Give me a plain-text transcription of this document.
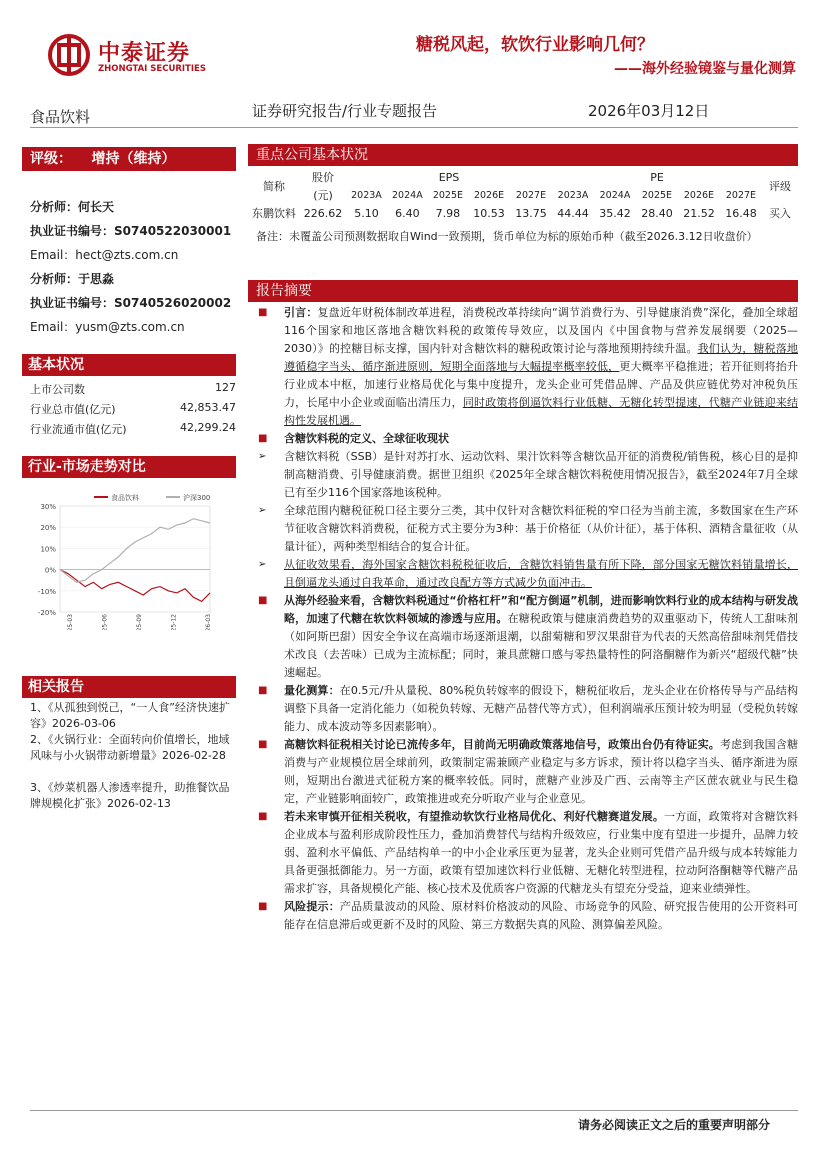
中泰证券
ZHONGTAI SECURITIES
糖税风起，软饮行业影响几何？
——海外经验镜鉴与量化测算
食品饮料	证券研究报告/行业专题报告	2026年03月12日
评级： 增持（维持）
分析师：何长天
执业证书编号：S0740522030001
Email：hect@zts.com.cn
分析师：于思淼
执业证书编号：S0740526020002
Email：yusm@zts.com.cn
基本状况
上市公司数	127
行业总市值(亿元)	42,853.47
行业流通市值(亿元)	42,299.24
行业-市场走势对比
30%
20%
10%
0%
-10%
-20%
食品饮料	沪深300
2025-03	2025-06	2025-09	2025-12	2026-03
相关报告
1、《从孤独到悦己，“一人食”经济快速扩容》2026-03-06
2、《火锅行业：全面转向价值增长，地域风味与小火锅带动新增量》2026-02-28
3、《炒菜机器人渗透率提升，助推餐饮品牌规模化扩张》2026-02-13
重点公司基本状况
简称	股价	EPS					PE					评级
	(元)	2023A	2024A	2025E	2026E	2027E	2023A	2024A	2025E	2026E	2027E	
东鹏饮料	226.62	5.10	6.40	7.98	10.53	13.75	44.44	35.42	28.40	21.52	16.48	买入
备注：未覆盖公司预测数据取自Wind一致预期，货币单位为标的原始币种（截至2026.3.12日收盘价）
报告摘要
■ 引言：复盘近年财税体制改革进程，消费税改革持续向“调节消费行为、引导健康消费”深化，叠加全球超116个国家和地区落地含糖饮料税的政策传导效应，以及国内《中国食物与营养发展纲要（2025—2030）》的控糖目标支撑，国内针对含糖饮料的糖税政策讨论与落地预期持续升温。我们认为，糖税落地遵循稳字当头、循序渐进原则，短期全面落地与大幅提率概率较低，更大概率平稳推进；若开征则将抬升行业成本中枢，加速行业格局优化与集中度提升，龙头企业可凭借品牌、产品及供应链优势对冲税负压力，长尾中小企业或面临出清压力，同时政策将倒逼饮料行业低糖、无糖化转型提速，代糖产业链迎来结构性发展机遇。
■ 含糖饮料税的定义、全球征收现状
➢ 含糖饮料税（SSB）是针对苏打水、运动饮料、果汁饮料等含糖饮品开征的消费税/销售税，核心目的是抑制高糖消费、引导健康消费。据世卫组织《2025年全球含糖饮料税使用情况报告》，截至2024年7月全球已有至少116个国家落地该税种。
➢ 全球范围内糖税征税口径主要分三类，其中仅针对含糖饮料征税的窄口径为当前主流，多数国家在生产环节征收含糖饮料消费税，征税方式主要分为3种：基于价格征（从价计征），基于体积、酒精含量征收（从量计征），两种类型相结合的复合计征。
➢ 从征收效果看，海外国家含糖饮料税税征收后，含糖饮料销售量有所下降，部分国家无糖饮料销量增长，且倒逼龙头通过自我革命，通过改良配方等方式减少负面冲击。
■ 从海外经验来看，含糖饮料税通过“价格杠杆”和“配方倒逼”机制，进而影响饮料行业的成本结构与研发战略，加速了代糖在软饮料领域的渗透与应用。在糖税政策与健康消费趋势的双重驱动下，传统人工甜味剂（如阿斯巴甜）因安全争议在高端市场逐渐退潮，以甜菊糖和罗汉果甜苷为代表的天然高倍甜味剂凭借技术改良（去苦味）已成为主流标配；同时，兼具蔗糖口感与零热量特性的阿洛酮糖作为新兴“超级代糖”快速崛起。
■ 量化测算：在0.5元/升从量税、80%税负转嫁率的假设下，糖税征收后，龙头企业在价格传导与产品结构调整下具备一定消化能力（如税负转嫁、无糖产品替代等方式），但利润端承压预计较为明显（受税负转嫁能力、成本波动等多因素影响）。
■ 高糖饮料征税相关讨论已流传多年，目前尚无明确政策落地信号，政策出台仍有待证实。考虑到我国含糖消费与产业规模位居全球前列，政策制定需兼顾产业稳定与多方诉求，预计将以稳字当头、循序渐进为原则，短期出台激进式征税方案的概率较低。同时，蔗糖产业涉及广西、云南等主产区蔗农就业与民生稳定，产业链影响面较广，政策推进或充分听取产业与企业意见。
■ 若未来审慎开征相关税收，有望推动软饮行业格局优化、利好代糖赛道发展。一方面，政策将对含糖饮料企业成本与盈利形成阶段性压力，叠加消费替代与结构升级效应，行业集中度有望进一步提升，品牌力较弱、盈利水平偏低、产品结构单一的中小企业承压更为显著，龙头企业则可凭借产品升级与成本转嫁能力具备更强抵御能力。另一方面，政策有望加速饮料行业低糖、无糖化转型进程，拉动阿洛酮糖等代糖产品需求扩容，具备规模化产能、核心技术及优质客户资源的代糖龙头有望充分受益，迎来业绩弹性。
■ 风险提示：产品质量波动的风险、原材料价格波动的风险、市场竞争的风险、研究报告使用的公开资料可能存在信息滞后或更新不及时的风险、第三方数据失真的风险、测算偏差风险。
请务必阅读正文之后的重要声明部分
